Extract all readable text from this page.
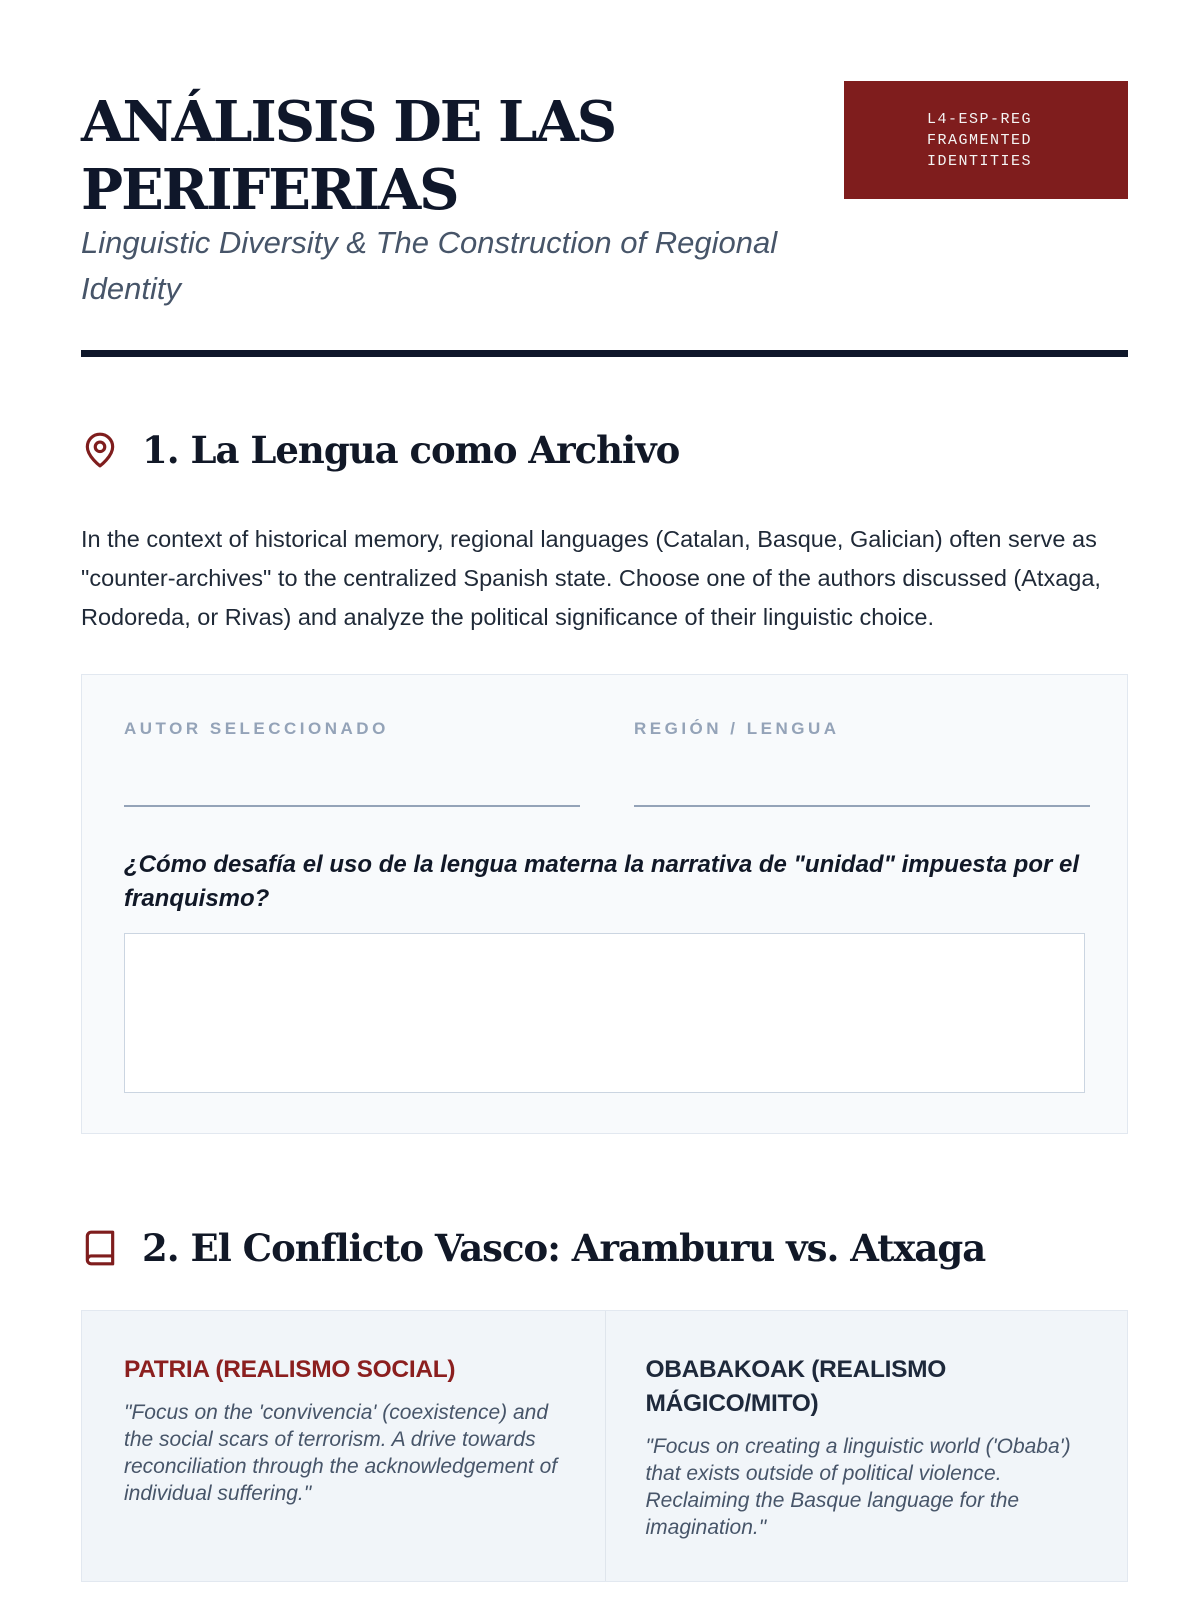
ANÁLISIS DE LAS
PERIFERIAS
Linguistic Diversity & The Construction of Regional Identity
L4-ESP-REG
FRAGMENTED
IDENTITIES
1. La Lengua como Archivo

In the context of historical memory, regional languages (Catalan, Basque, Galician) often serve as "counter-archives" to the centralized Spanish state. Choose one of the authors discussed (Atxaga, Rodoreda, or Rivas) and analyze the political significance of their linguistic choice.

AUTOR SELECCIONADO	REGIÓN / LENGUA
¿Cómo desafía el uso de la lengua materna la narrativa de "unidad" impuesta por el franquismo?
2. El Conflicto Vasco: Aramburu vs. Atxaga
PATRIA (REALISMO SOCIAL)
"Focus on the 'convivencia' (coexistence) and the social scars of terrorism. A drive towards reconciliation through the acknowledgement of individual suffering."
OBABAKOAK (REALISMO MÁGICO/MITO)
"Focus on creating a linguistic world ('Obaba') that exists outside of political violence. Reclaiming the Basque language for the imagination."
